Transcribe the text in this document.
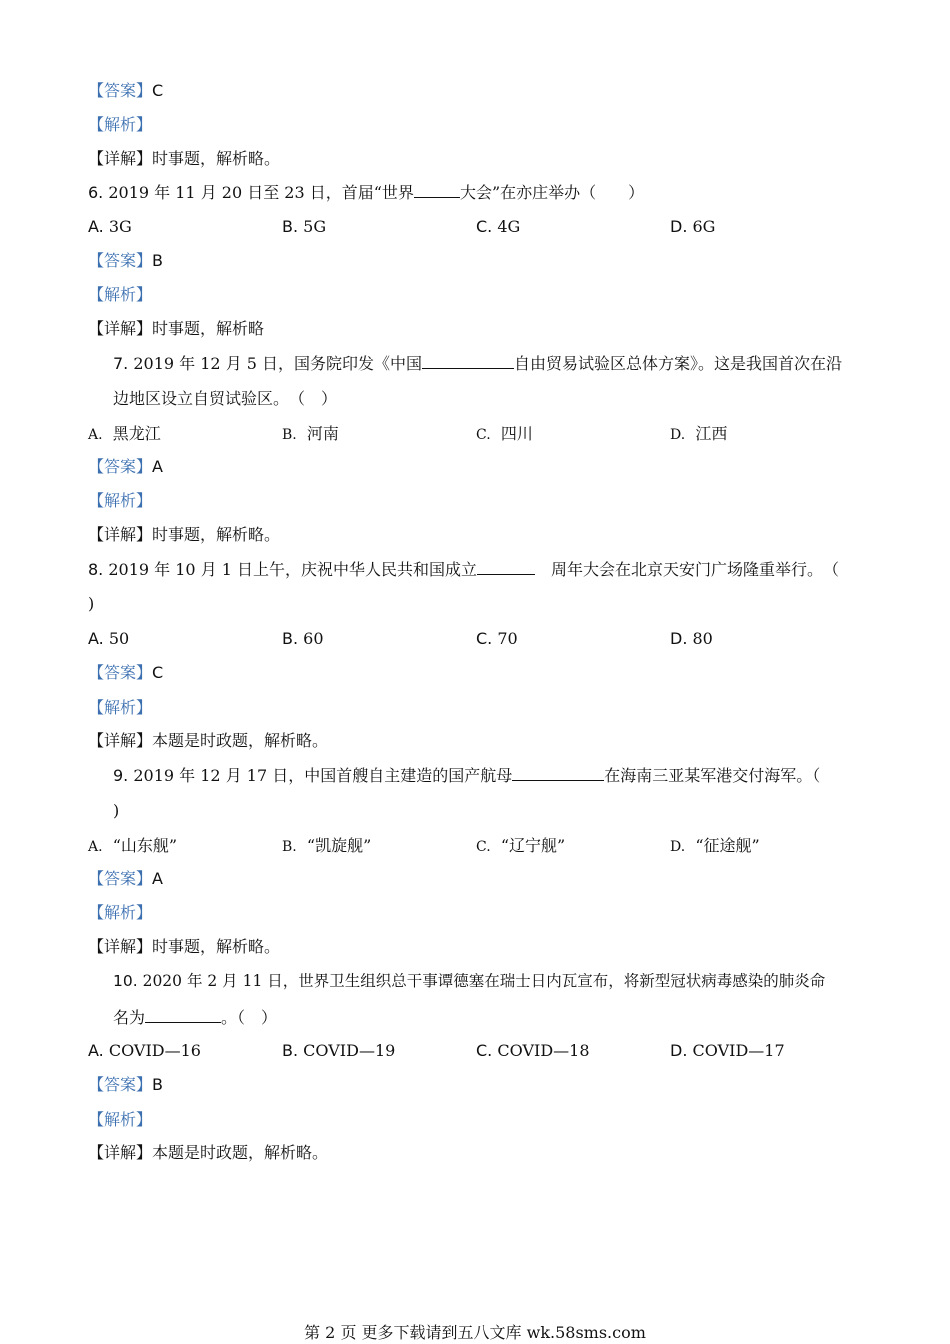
【答案】C
【解析】
【详解】时事题，解析略。
6. 2019 年 11 月 20 日至 23 日，首届“世界	大会”在亦庄举办（　　）
A. 3G	B. 5G	C. 4G	D. 6G
【答案】B
【解析】
【详解】时事题，解析略
7. 2019 年 12 月 5 日，国务院印发《中国	自由贸易试验区总体方案》。这是我国首次在沿
边地区设立自贸试验区。　（　）
A. 黑龙江	B. 河南	C. 四川	D. 江西
【答案】A
【解析】
【详解】时事题，解析略。
8. 2019 年 10 月 1 日上午，庆祝中华人民共和国成立	　周年大会在北京天安门广场隆重举行。　（
)
A. 50	B. 60	C. 70	D. 80
【答案】C
【解析】
【详解】本题是时政题，解析略。
9. 2019 年 12 月 17 日，中国首艘自主建造的国产航母	在海南三亚某军港交付海军。（
)
A. “山东舰”	B. “凯旋舰”	C. “辽宁舰”	D. “征途舰”
【答案】A
【解析】
【详解】时事题，解析略。
10. 2020 年 2 月 11 日，世界卫生组织总干事谭德塞在瑞士日内瓦宣布，将新型冠状病毒感染的肺炎命
名为	。（　）
A. COVID—16	B. COVID—19	C. COVID—18	D. COVID—17
【答案】B
【解析】
【详解】本题是时政题，解析略。
第 2 页 更多下载请到五八文库 wk.58sms.com
